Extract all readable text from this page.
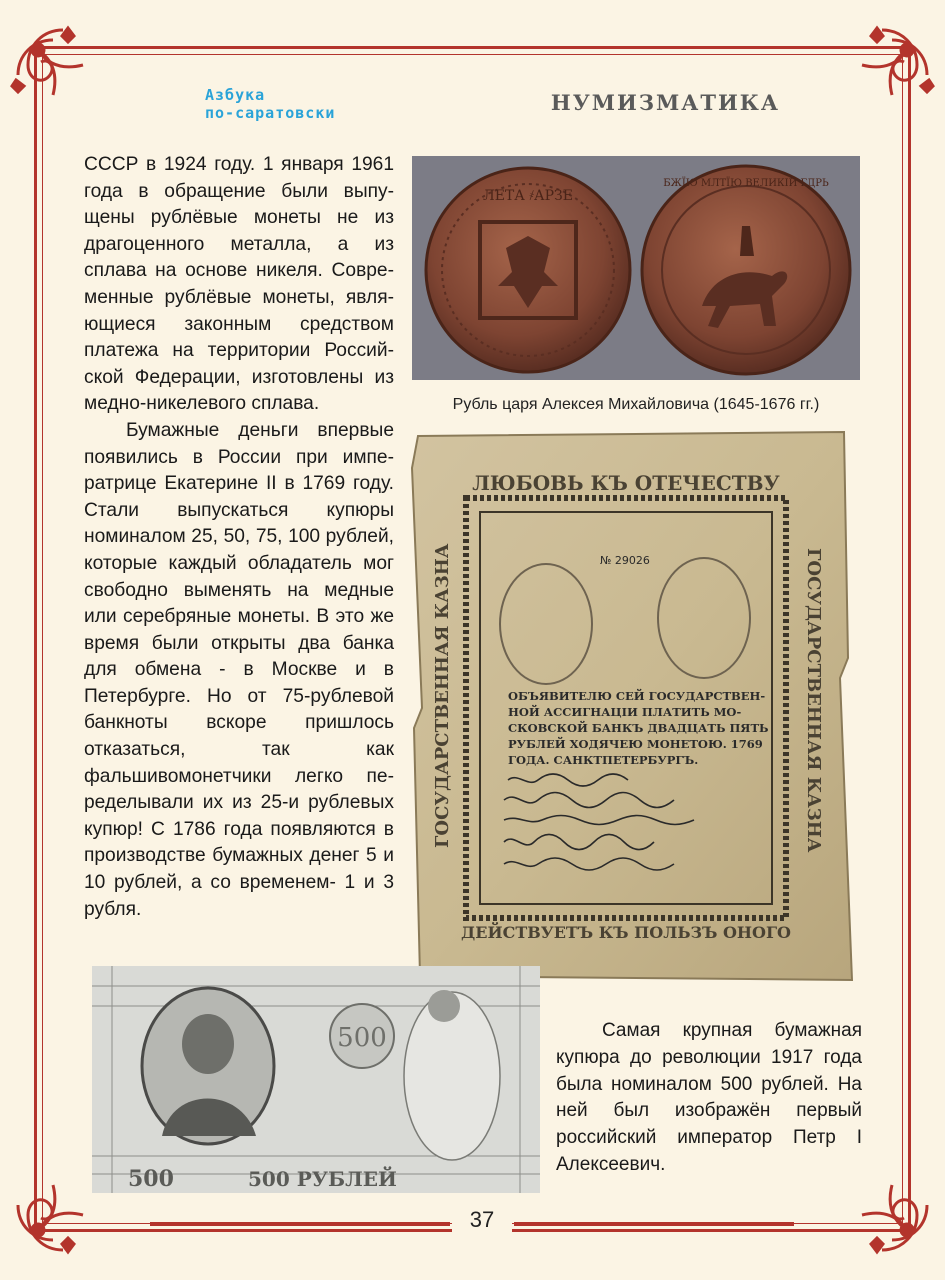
Азбука
по-саратовски	НУМИЗМАТИКА

СССР в 1924 году. 1 января 1961 года в обращение были выпущены рублёвые монеты не из драгоценного металла, а из сплава на основе никеля. Современные рублёвые монеты, являющиеся законным средством платежа на территории Российской Федерации, изготовлены из медно-никелевого сплава.

Бумажные деньги впервые появились в России при императрице Екатерине II в 1769 году. Стали выпускаться купюры номиналом 25, 50, 75, 100 рублей, которые каждый обладатель мог свободно выменять на медные или серебряные монеты. В это же время были открыты два банка для обмена - в Москве и в Петербурге. Но от 75-рублевой банкноты вскоре пришлось отказаться, так как фальшивомонетчики легко переделывали их из 25-и рублевых купюр! С 1786 года появляются в производстве бумажных денег 5 и 10 рублей, а со временем- 1 и 3 рубля.

ЛЕТА ҂АРЗЕ
БЖЇЮ МЛТЇЮ ВЕЛИКІИ ГДРЬ
Рубль царя Алексея Михайловича (1645-1676 гг.)
ЛЮБОВЬ КЪ ОТЕЧЕСТВУ
ГОСУДАРСТВЕННАЯ КАЗНА	ГОСУДАРСТВЕННАЯ КАЗНА
ДЕЙСТВУЕТЪ КЪ ПОЛЬЗЪ ОНОГО
№ 29026
ОБЪЯВИТЕЛЮ СЕЙ ГОСУДАРСТВЕН-
НОЙ АССИГНАЦІИ ПЛАТИТЬ МО-
СКОВСКОЙ БАНКЪ ДВАДЦАТЬ ПЯТЬ
РУБЛЕЙ ХОДЯЧЕЮ МОНЕТОЮ. 1769
ГОДА. САНКТПЕТЕРБУРГЪ.
500
500	500 РУБЛЕЙ

Самая крупная бумажная купюра до революции 1917 года была номиналом 500 рублей. На ней был изображён первый российский император Петр I Алексеевич.

37
